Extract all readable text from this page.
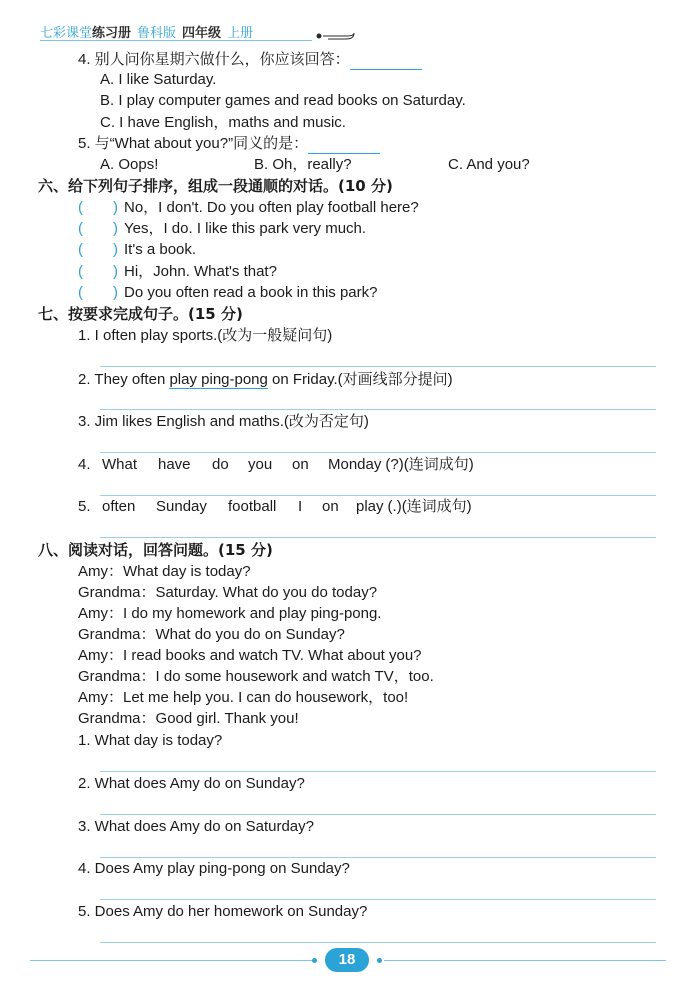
七彩课堂练习册 鲁科版 四年级 上册
4. 别人问你星期六做什么，你应该回答：
A. I like Saturday.
B. I play computer games and read books on Saturday.
C. I have English，maths and music.
5. 与“What about you?”同义的是：
A. Oops!	B. Oh，really?	C. And you?
六、给下列句子排序，组成一段通顺的对话。(10 分)
( ) No，I don't. Do you often play football here?
( ) Yes，I do. I like this park very much.
( ) It's a book.
( ) Hi，John. What's that?
( ) Do you often read a book in this park?
七、按要求完成句子。(15 分)
1. I often play sports.(改为一般疑问句)
2. They often play ping-pong on Friday.(对画线部分提问)
3. Jim likes English and maths.(改为否定句)
4. What have do you on Monday (?)(连词成句)
5. often Sunday football I on play (.)(连词成句)
八、阅读对话，回答问题。(15 分)
Amy：What day is today?
Grandma：Saturday. What do you do today?
Amy：I do my homework and play ping-pong.
Grandma：What do you do on Sunday?
Amy：I read books and watch TV. What about you?
Grandma：I do some housework and watch TV，too.
Amy：Let me help you. I can do housework，too!
Grandma：Good girl. Thank you!
1. What day is today?
2. What does Amy do on Sunday?
3. What does Amy do on Saturday?
4. Does Amy play ping-pong on Sunday?
5. Does Amy do her homework on Sunday?
18
